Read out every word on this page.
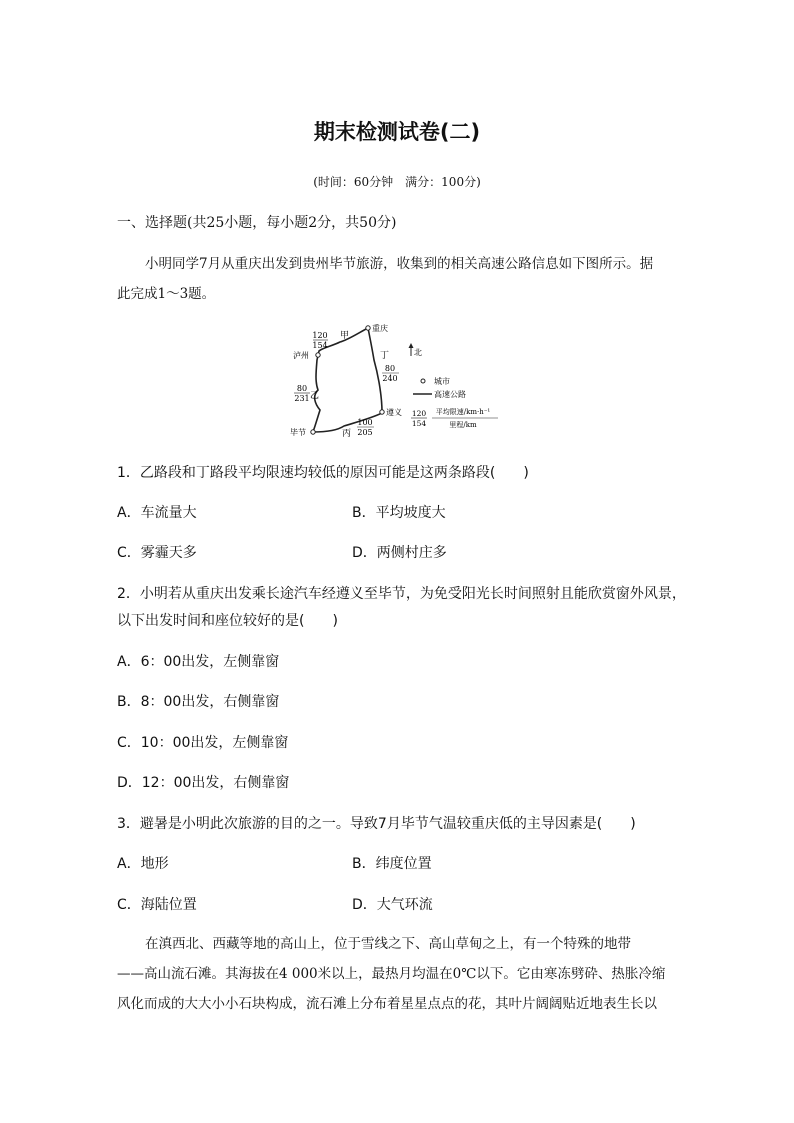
期末检测试卷(二)
(时间：60分钟　满分：100分)
一、选择题(共25小题，每小题2分，共50分)
小明同学7月从重庆出发到贵州毕节旅游，收集到的相关高速公路信息如下图所示。据
此完成1～3题。
重庆
泸州
毕节
遵义
甲
乙
丙
丁
120
154
80
231
80
240
100
205
北
城市
高速公路
120
154
平均限速/km·h⁻¹
里程/km
1．乙路段和丁路段平均限速均较低的原因可能是这两条路段(　　)
A．车流量大	B．平均坡度大
C．雾霾天多	D．两侧村庄多
2．小明若从重庆出发乘长途汽车经遵义至毕节，为免受阳光长时间照射且能欣赏窗外风景，
以下出发时间和座位较好的是(　　)
A．6：00出发，左侧靠窗
B．8：00出发，右侧靠窗
C．10：00出发，左侧靠窗
D．12：00出发，右侧靠窗
3．避暑是小明此次旅游的目的之一。导致7月毕节气温较重庆低的主导因素是(　　)
A．地形	B．纬度位置
C．海陆位置	D．大气环流
在滇西北、西藏等地的高山上，位于雪线之下、高山草甸之上，有一个特殊的地带
——高山流石滩。其海拔在4 000米以上，最热月均温在0℃以下。它由寒冻劈砕、热胀冷缩
风化而成的大大小小石块构成，流石滩上分布着星星点点的花，其叶片阔阔贴近地表生长以
